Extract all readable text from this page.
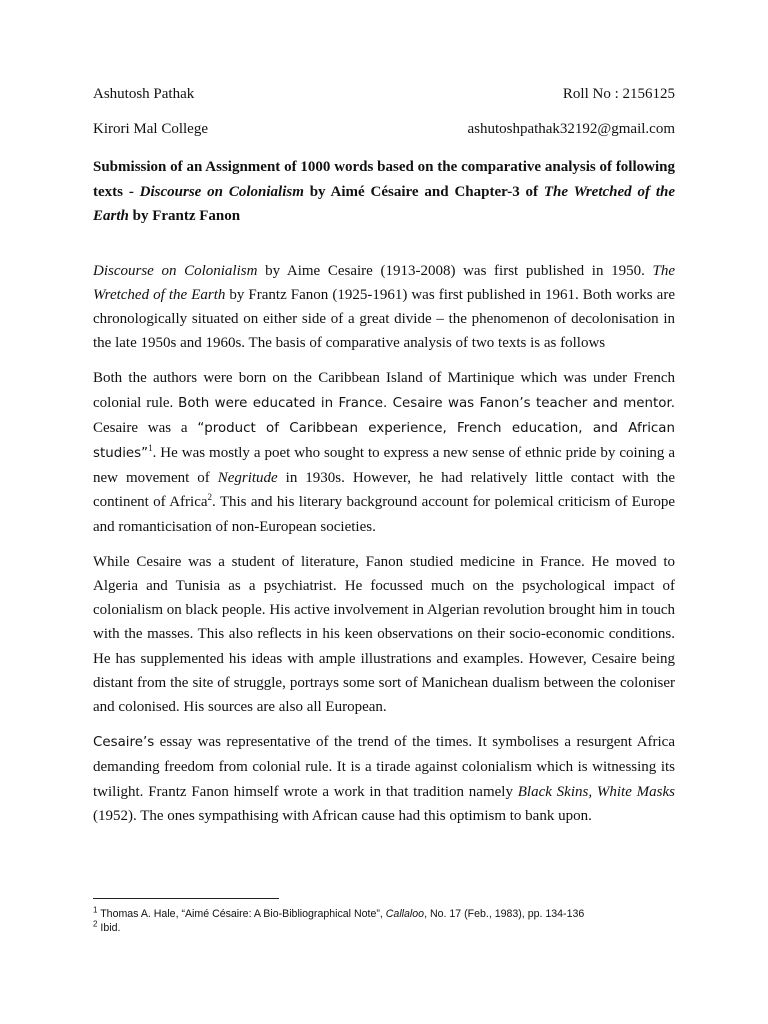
Ashutosh Pathak	Roll No : 2156125
Kirori Mal College	ashutoshpathak32192@gmail.com
Submission of an Assignment of 1000 words based on the comparative analysis of following texts - Discourse on Colonialism by Aimé Césaire and Chapter-3 of The Wretched of the Earth by Frantz Fanon

Discourse on Colonialism by Aime Cesaire (1913-2008) was first published in 1950. The Wretched of the Earth by Frantz Fanon (1925-1961) was first published in 1961. Both works are chronologically situated on either side of a great divide – the phenomenon of decolonisation in the late 1950s and 1960s. The basis of comparative analysis of two texts is as follows

Both the authors were born on the Caribbean Island of Martinique which was under French colonial rule. Both were educated in France. Cesaire was Fanon’s teacher and mentor. Cesaire was a “product of Caribbean experience, French education, and African studies”$^1$. He was mostly a poet who sought to express a new sense of ethnic pride by coining a new movement of Negritude in 1930s. However, he had relatively little contact with the continent of Africa$^2$. This and his literary background account for polemical criticism of Europe and romanticisation of non-European societies.

While Cesaire was a student of literature, Fanon studied medicine in France. He moved to Algeria and Tunisia as a psychiatrist. He focussed much on the psychological impact of colonialism on black people. His active involvement in Algerian revolution brought him in touch with the masses. This also reflects in his keen observations on their socio-economic conditions. He has supplemented his ideas with ample illustrations and examples. However, Cesaire being distant from the site of struggle, portrays some sort of Manichean dualism between the coloniser and colonised. His sources are also all European.

Cesaire’s essay was representative of the trend of the times. It symbolises a resurgent Africa demanding freedom from colonial rule. It is a tirade against colonialism which is witnessing its twilight. Frantz Fanon himself wrote a work in that tradition namely Black Skins, White Masks (1952). The ones sympathising with African cause had this optimism to bank upon.

$^1$ Thomas A. Hale, “Aimé Césaire: A Bio-Bibliographical Note”, Callaloo, No. 17 (Feb., 1983), pp. 134-136
$^2$ Ibid.
